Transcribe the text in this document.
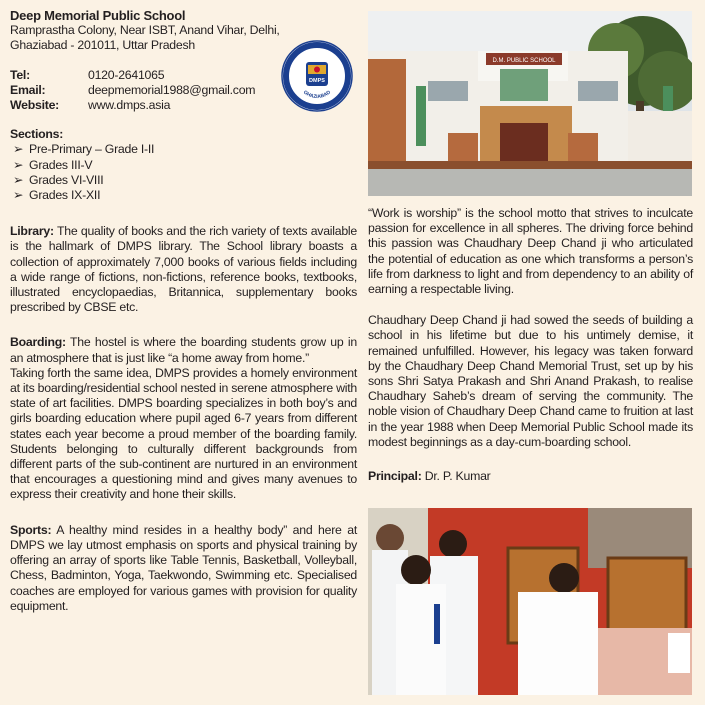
Deep Memorial Public School
Ramprastha Colony, Near ISBT, Anand Vihar, Delhi,
Ghaziabad - 201011, Uttar Pradesh
Tel:	0120-2641065
Email:	deepmemorial1988@gmail.com
Website:	www.dmps.asia
Sections:
➢ Pre-Primary – Grade I-II
➢ Grades III-V
➢ Grades VI-VIII
➢ Grades IX-XII

Library: The quality of books and the rich variety of texts available is the hallmark of DMPS library. The School library boasts a collection of approximately 7,000 books of various fields including a wide range of fictions, non-fictions, reference books, textbooks, illustrated encyclopaedias, Britannica, supplementary books prescribed by CBSE etc.

Boarding: The hostel is where the boarding students grow up in an atmosphere that is just like “a home away from home.”

Taking forth the same idea, DMPS provides a homely environment at its boarding/residential school nested in serene atmosphere with state of art facilities. DMPS boarding specializes in both boy’s and girls boarding education where pupil aged 6-7 years from different states each year become a proud member of the boarding family. Students belonging to culturally different backgrounds from different parts of the sub-continent are nurtured in an environment that encourages a questioning mind and gives many avenues to express their creativity and hone their skills.

Sports: A healthy mind resides in a healthy body” and here at DMPS we lay utmost emphasis on sports and physical training by offering an array of sports like Table Tennis, Basketball, Volleyball, Chess, Badminton, Yoga, Taekwondo, Swimming etc. Specialised coaches are employed for various games with provision for quality equipment.

EP MEMORIAL PUBLIC SCHO
GHAZIABAD
DMPS
D.M. PUBLIC SCHOOL

“Work is worship” is the school motto that strives to inculcate passion for excellence in all spheres. The driving force behind this passion was Chaudhary Deep Chand ji who articulated the potential of education as one which transforms a person’s life from darkness to light and from dependency to an ability of earning a respectable living.

Chaudhary Deep Chand ji had sowed the seeds of building a school in his lifetime but due to his untimely demise, it remained unfulfilled. However, his legacy was taken forward by the Chaudhary Deep Chand Memorial Trust, set up by his sons Shri Satya Prakash and Shri Anand Prakash, to realise Chaudhary Saheb’s dream of serving the community. The noble vision of Chaudhary Deep Chand came to fruition at last in the year 1988 when Deep Memorial Public School made its modest beginnings as a day-cum-boarding school.

Principal: Dr. P. Kumar
